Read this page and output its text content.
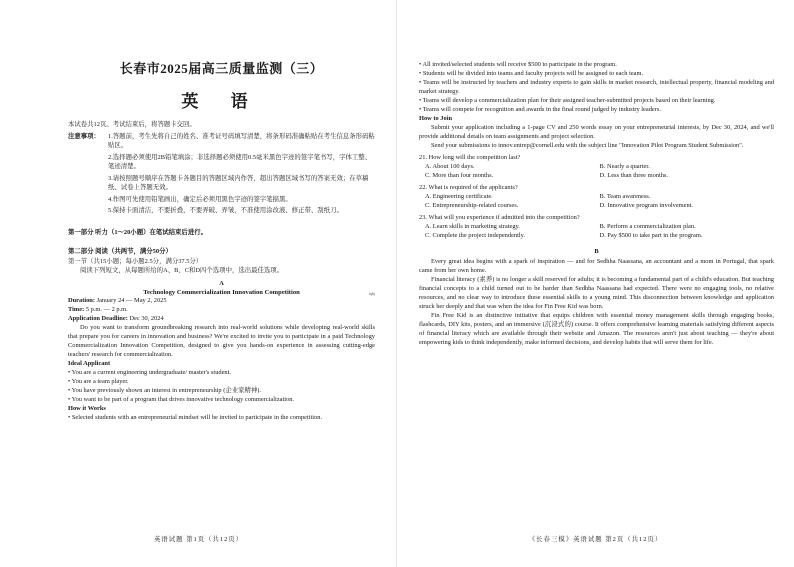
长春市2025届高三质量监测（三）
英 语
本试卷共12页。考试结束后，将答题卡交回。
注意事项：	1.答题前，考生先将自己的姓名、准考证号码填写清楚，将条形码准确粘贴在考生信息条形码粘贴区。
2.选择题必须使用2B铅笔填涂；非选择题必须使用0.5毫米黑色字迹的签字笔书写，字体工整、笔迹清楚。
3.请按照题号顺序在答题卡各题目的答题区域内作答，超出答题区域书写的答案无效；在草稿纸、试卷上答题无效。
4.作图可先使用铅笔画出，确定后必须用黑色字迹的签字笔描黑。
5.保持卡面清洁，不要折叠，不要弄破、弄皱，不准使用涂改液、修正带、刮纸刀。
第一部分 听力（1～20小题）在笔试结束后进行。
第二部分 阅读（共两节，满分50分）
第一节（共15小题；每小题2.5分，满分37.5分）
阅读下列短文，从每题所给的A、B、C和D四个选项中，选出最佳选项。
A
Technology Commercialization Innovation Competition	iqbj
Duration: January 24 — May 2, 2025
Time: 5 p.m. — 2 p.m.
Application Deadline: Dec 30, 2024
Do you want to transform groundbreaking research into real-world solutions while developing real-world skills that prepare you for careers in innovation and business? We're excited to invite you to participate in a paid Technology Commercialization Innovation Competition, designed to give you hands-on experience in assessing cutting-edge teachers' research for commercialization.
Ideal Applicant
• You are a current engineering undergraduate/ master's student.
• You are a team player.
• You have previously shown an interest in entrepreneurship (企业家精神).
• You want to be part of a program that drives innovative technology commercialization.
How it Works
• Selected students with an entrepreneurial mindset will be invited to participate in the competition.
英语试题 第1页（共12页）
• All invited/selected students will receive $500 to participate in the program.
• Students will be divided into teams and faculty projects will be assigned to each team.
• Teams will be instructed by teachers and industry experts to gain skills in market research, intellectual property, financial modeling and market strategy.
• Teams will develop a commercialization plan for their assigned teacher-submitted projects based on their learning.
• Teams will compete for recognition and awards in the final round judged by industry leaders.
How to Join
Submit your application including a 1-page CV and 250 words essay on your entrepreneurial interests, by Dec 30, 2024, and we'll provide additional details on team assignments and project selection.
Send your submissions to innov.entrep@cornell.edu with the subject line "Innovation Pilot Program Student Submission".
21. How long will the competition last?
A. About 100 days.	B. Nearly a quarter.
C. More than four months.	D. Less than three months.
22. What is required of the applicants?
A. Engineering certificate.	B. Team awareness.
C. Entrepreneurship-related courses.	D. Innovative program involvement.
23. What will you experience if admitted into the competition?
A. Learn skills in marketing strategy.	B. Perform a commercialization plan.
C. Complete the project independently.	D. Pay $500 to take part in the program.
B
Every great idea begins with a spark of inspiration — and for Sedhha Naassana, an accountant and a mom in Portugal, that spark came from her own home.
Financial literacy (素养) is no longer a skill reserved for adults; it is becoming a fundamental part of a child's education. But teaching financial concepts to a child turned out to be harder than Sedhha Naassana had expected. There were no engaging tools, no relative resources, and no clear way to introduce these essential skills to a young mind. This disconnection between knowledge and application struck her deeply and that was when the idea for Fin Free Kid was born.
Fin Free Kid is an distinctive initiative that equips children with essential money management skills through engaging books, flashcards, DIY kits, posters, and an immersive (沉浸式的) course. It offers comprehensive learning materials satisfying different aspects of financial literacy which are available through their website and Amazon. The resources aren't just about teaching — they're about empowering kids to think independently, make informed decisions, and develop habits that will serve them for life.
《长春三模》英语试题 第2页（共12页）
